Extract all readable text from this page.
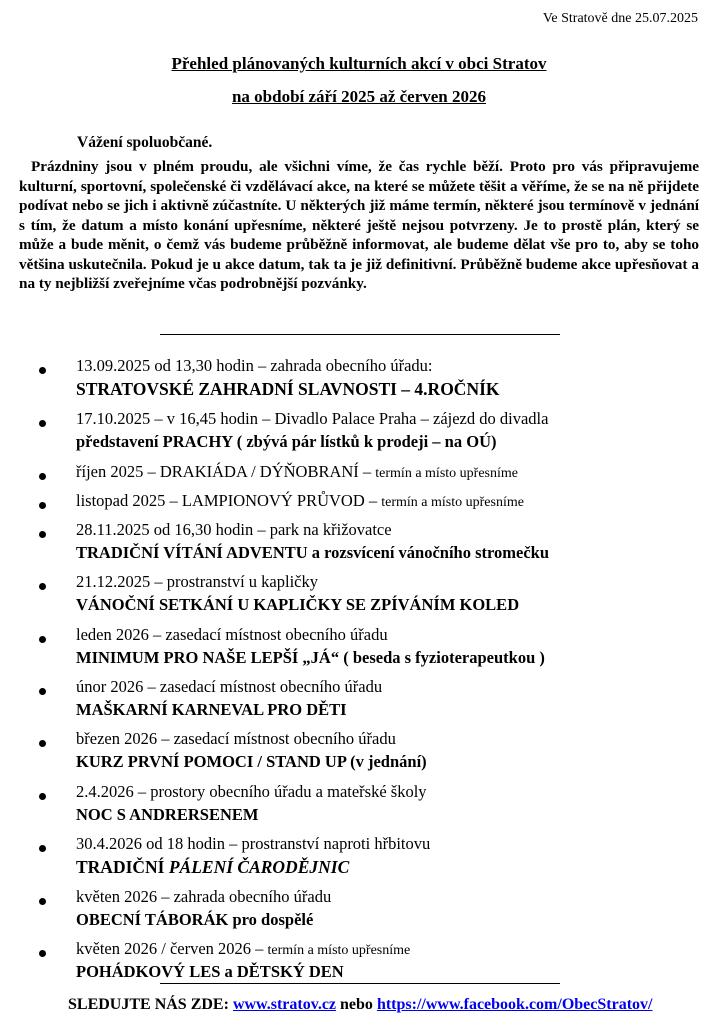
Ve Stratově dne 25.07.2025
Přehled plánovaných kulturních akcí v obci Stratov
na období září 2025 až červen 2026
Vážení spoluobčané.
Prázdniny jsou v plném proudu, ale všichni víme, že čas rychle běží. Proto pro vás připravujeme kulturní, sportovní, společenské či vzdělávací akce, na které se můžete těšit a věříme, že se na ně přijdete podívat nebo se jich i aktivně zúčastníte. U některých již máme termín, některé jsou termínově v jednání s tím, že datum a místo konání upřesníme, některé ještě nejsou potvrzeny. Je to prostě plán, který se může a bude měnit, o čemž vás budeme průběžně informovat, ale budeme dělat vše pro to, aby se toho většina uskutečnila. Pokud je u akce datum, tak ta je již definitivní. Průběžně budeme akce upřesňovat a na ty nejbližší zveřejníme včas podrobnější pozvánky.
13.09.2025 od 13,30 hodin – zahrada obecního úřadu:
STRATOVSKÉ ZAHRADNÍ SLAVNOSTI – 4.ROČNÍK
17.10.2025 – v 16,45 hodin – Divadlo Palace Praha – zájezd do divadla
představení PRACHY ( zbývá pár lístků k prodeji – na OÚ)
říjen 2025 – DRAKIÁDA / DÝŇOBRANÍ – termín a místo upřesníme
listopad 2025 – LAMPIONOVÝ PRŮVOD – termín a místo upřesníme
28.11.2025 od 16,30 hodin – park na křižovatce
TRADIČNÍ VÍTÁNÍ ADVENTU a rozsvícení vánočního stromečku
21.12.2025 – prostranství u kapličky
VÁNOČNÍ SETKÁNÍ U KAPLIČKY SE ZPÍVÁNÍM KOLED
leden 2026 – zasedací místnost obecního úřadu
MINIMUM PRO NAŠE LEPŠÍ „JÁ“ ( beseda s fyzioterapeutkou )
únor 2026 – zasedací místnost obecního úřadu
MAŠKARNÍ KARNEVAL PRO DĚTI
březen 2026 – zasedací místnost obecního úřadu
KURZ PRVNÍ POMOCI / STAND UP (v jednání)
2.4.2026 – prostory obecního úřadu a mateřské školy
NOC S ANDRERSENEM
30.4.2026 od 18 hodin – prostranství naproti hřbitovu
TRADIČNÍ PÁLENÍ ČARODĚJNIC
květen 2026 – zahrada obecního úřadu
OBECNÍ TÁBORÁK pro dospělé
květen 2026 / červen 2026 – termín a místo upřesníme
POHÁDKOVÝ LES a DĚTSKÝ DEN
SLEDUJTE NÁS ZDE: www.stratov.cz nebo https://www.facebook.com/ObecStratov/
